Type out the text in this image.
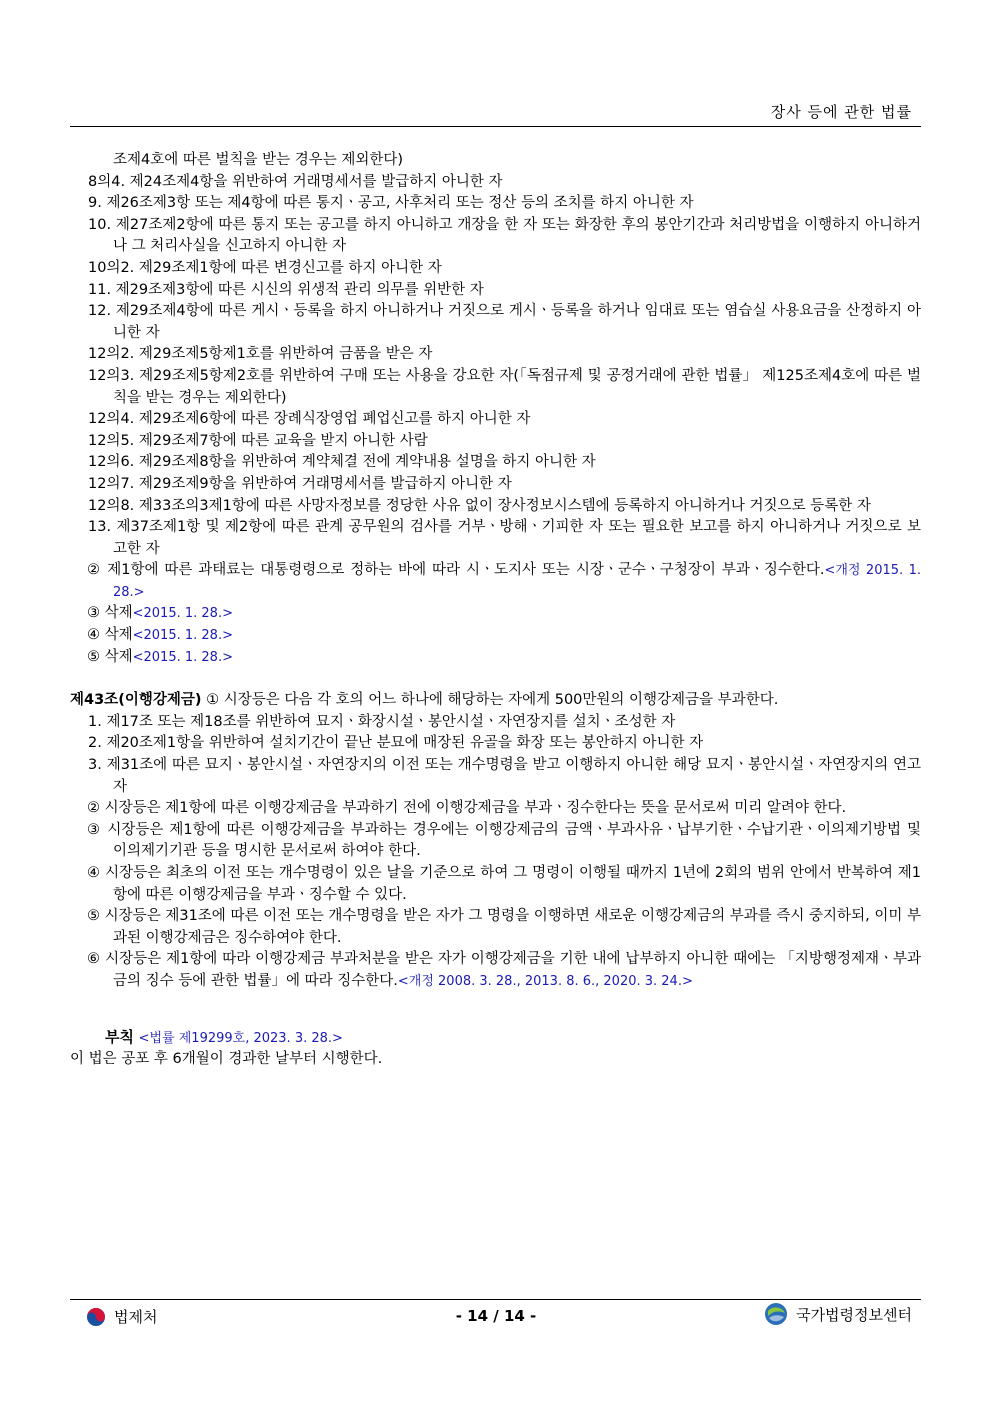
장사 등에 관한 법률

조제4호에 따른 벌칙을 받는 경우는 제외한다)

8의4. 제24조제4항을 위반하여 거래명세서를 발급하지 아니한 자

9. 제26조제3항 또는 제4항에 따른 통지ㆍ공고, 사후처리 또는 정산 등의 조치를 하지 아니한 자

10. 제27조제2항에 따른 통지 또는 공고를 하지 아니하고 개장을 한 자 또는 화장한 후의 봉안기간과 처리방법을 이행하지 아니하거나 그 처리사실을 신고하지 아니한 자

10의2. 제29조제1항에 따른 변경신고를 하지 아니한 자

11. 제29조제3항에 따른 시신의 위생적 관리 의무를 위반한 자

12. 제29조제4항에 따른 게시ㆍ등록을 하지 아니하거나 거짓으로 게시ㆍ등록을 하거나 임대료 또는 염습실 사용요금을 산정하지 아니한 자

12의2. 제29조제5항제1호를 위반하여 금품을 받은 자

12의3. 제29조제5항제2호를 위반하여 구매 또는 사용을 강요한 자(「독점규제 및 공정거래에 관한 법률」 제125조제4호에 따른 벌칙을 받는 경우는 제외한다)

12의4. 제29조제6항에 따른 장례식장영업 폐업신고를 하지 아니한 자

12의5. 제29조제7항에 따른 교육을 받지 아니한 사람

12의6. 제29조제8항을 위반하여 계약체결 전에 계약내용 설명을 하지 아니한 자

12의7. 제29조제9항을 위반하여 거래명세서를 발급하지 아니한 자

12의8. 제33조의3제1항에 따른 사망자정보를 정당한 사유 없이 장사정보시스템에 등록하지 아니하거나 거짓으로 등록한 자

13. 제37조제1항 및 제2항에 따른 관계 공무원의 검사를 거부ㆍ방해ㆍ기피한 자 또는 필요한 보고를 하지 아니하거나 거짓으로 보고한 자

② 제1항에 따른 과태료는 대통령령으로 정하는 바에 따라 시ㆍ도지사 또는 시장ㆍ군수ㆍ구청장이 부과ㆍ징수한다.<개정 2015. 1. 28.>

③ 삭제<2015. 1. 28.>

④ 삭제<2015. 1. 28.>

⑤ 삭제<2015. 1. 28.>

제43조(이행강제금) ① 시장등은 다음 각 호의 어느 하나에 해당하는 자에게 500만원의 이행강제금을 부과한다.

1. 제17조 또는 제18조를 위반하여 묘지ㆍ화장시설ㆍ봉안시설ㆍ자연장지를 설치ㆍ조성한 자

2. 제20조제1항을 위반하여 설치기간이 끝난 분묘에 매장된 유골을 화장 또는 봉안하지 아니한 자

3. 제31조에 따른 묘지ㆍ봉안시설ㆍ자연장지의 이전 또는 개수명령을 받고 이행하지 아니한 해당 묘지ㆍ봉안시설ㆍ자연장지의 연고자

② 시장등은 제1항에 따른 이행강제금을 부과하기 전에 이행강제금을 부과ㆍ징수한다는 뜻을 문서로써 미리 알려야 한다.

③ 시장등은 제1항에 따른 이행강제금을 부과하는 경우에는 이행강제금의 금액ㆍ부과사유ㆍ납부기한ㆍ수납기관ㆍ이의제기방법 및 이의제기기관 등을 명시한 문서로써 하여야 한다.

④ 시장등은 최초의 이전 또는 개수명령이 있은 날을 기준으로 하여 그 명령이 이행될 때까지 1년에 2회의 범위 안에서 반복하여 제1항에 따른 이행강제금을 부과ㆍ징수할 수 있다.

⑤ 시장등은 제31조에 따른 이전 또는 개수명령을 받은 자가 그 명령을 이행하면 새로운 이행강제금의 부과를 즉시 중지하되, 이미 부과된 이행강제금은 징수하여야 한다.

⑥ 시장등은 제1항에 따라 이행강제금 부과처분을 받은 자가 이행강제금을 기한 내에 납부하지 아니한 때에는 「지방행정제재ㆍ부과금의 징수 등에 관한 법률」에 따라 징수한다.<개정 2008. 3. 28., 2013. 8. 6., 2020. 3. 24.>

부칙 <법률 제19299호, 2023. 3. 28.>

이 법은 공포 후 6개월이 경과한 날부터 시행한다.

법제처	- 14 / 14 -	국가법령정보센터
